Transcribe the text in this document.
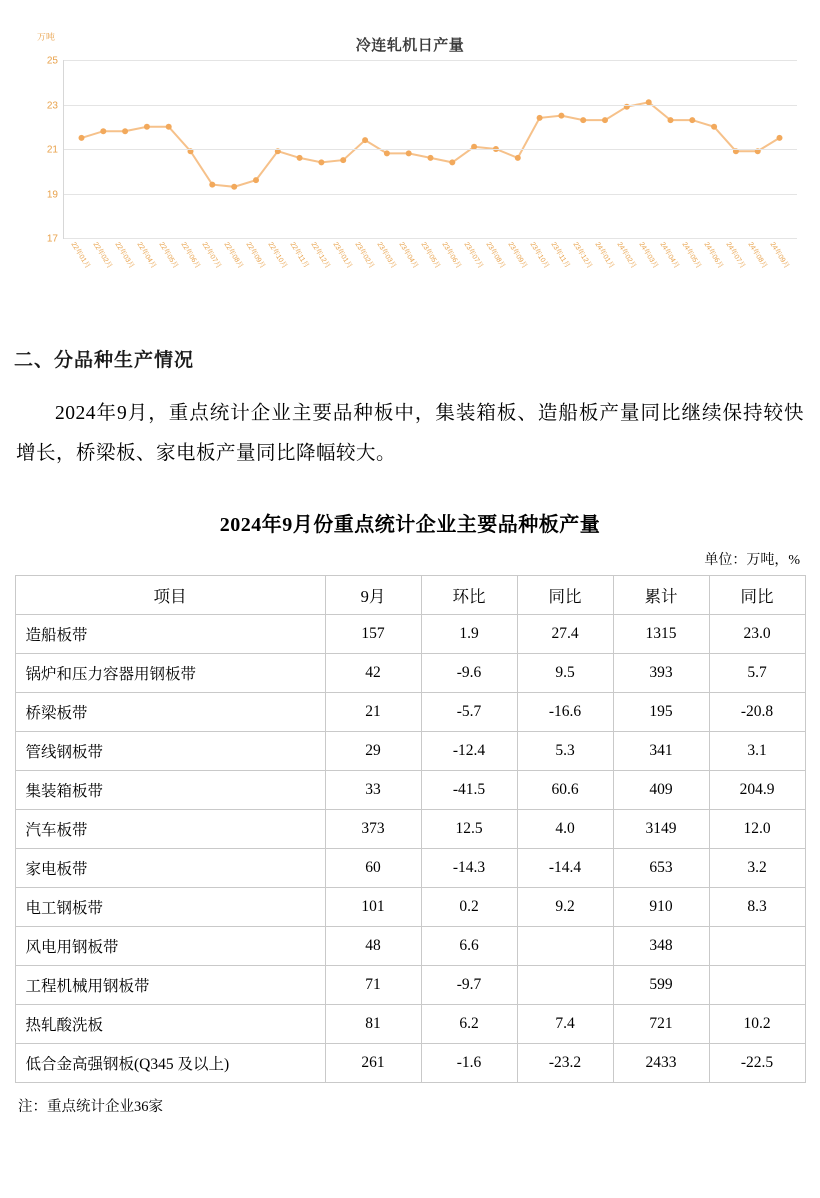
万吨
冷连轧机日产量
17
19
21
23
25
22年01月 22年02月 22年03月 22年04月 22年05月 22年06月 22年07月 22年08月 22年09月 22年10月 22年11月 22年12月 23年01月 23年02月 23年03月 23年04月 23年05月 23年06月 23年07月 23年08月 23年09月 23年10月 23年11月 23年12月 24年01月 24年02月 24年03月 24年04月 24年05月 24年06月 24年07月 24年08月 24年09月
二、分品种生产情况
2024年9月，重点统计企业主要品种板中，集装箱板、造船板产量同比继续保持较快增长，桥梁板、家电板产量同比降幅较大。
2024年9月份重点统计企业主要品种板产量
单位：万吨，%
项目	9月	环比	同比	累计	同比
造船板带	157	1.9	27.4	1315	23.0
锅炉和压力容器用钢板带	42	-9.6	9.5	393	5.7
桥梁板带	21	-5.7	-16.6	195	-20.8
管线钢板带	29	-12.4	5.3	341	3.1
集装箱板带	33	-41.5	60.6	409	204.9
汽车板带	373	12.5	4.0	3149	12.0
家电板带	60	-14.3	-14.4	653	3.2
电工钢板带	101	0.2	9.2	910	8.3
风电用钢板带	48	6.6		348	
工程机械用钢板带	71	-9.7		599	
热轧酸洗板	81	6.2	7.4	721	10.2
低合金高强钢板(Q345 及以上)	261	-1.6	-23.2	2433	-22.5
注：重点统计企业36家
